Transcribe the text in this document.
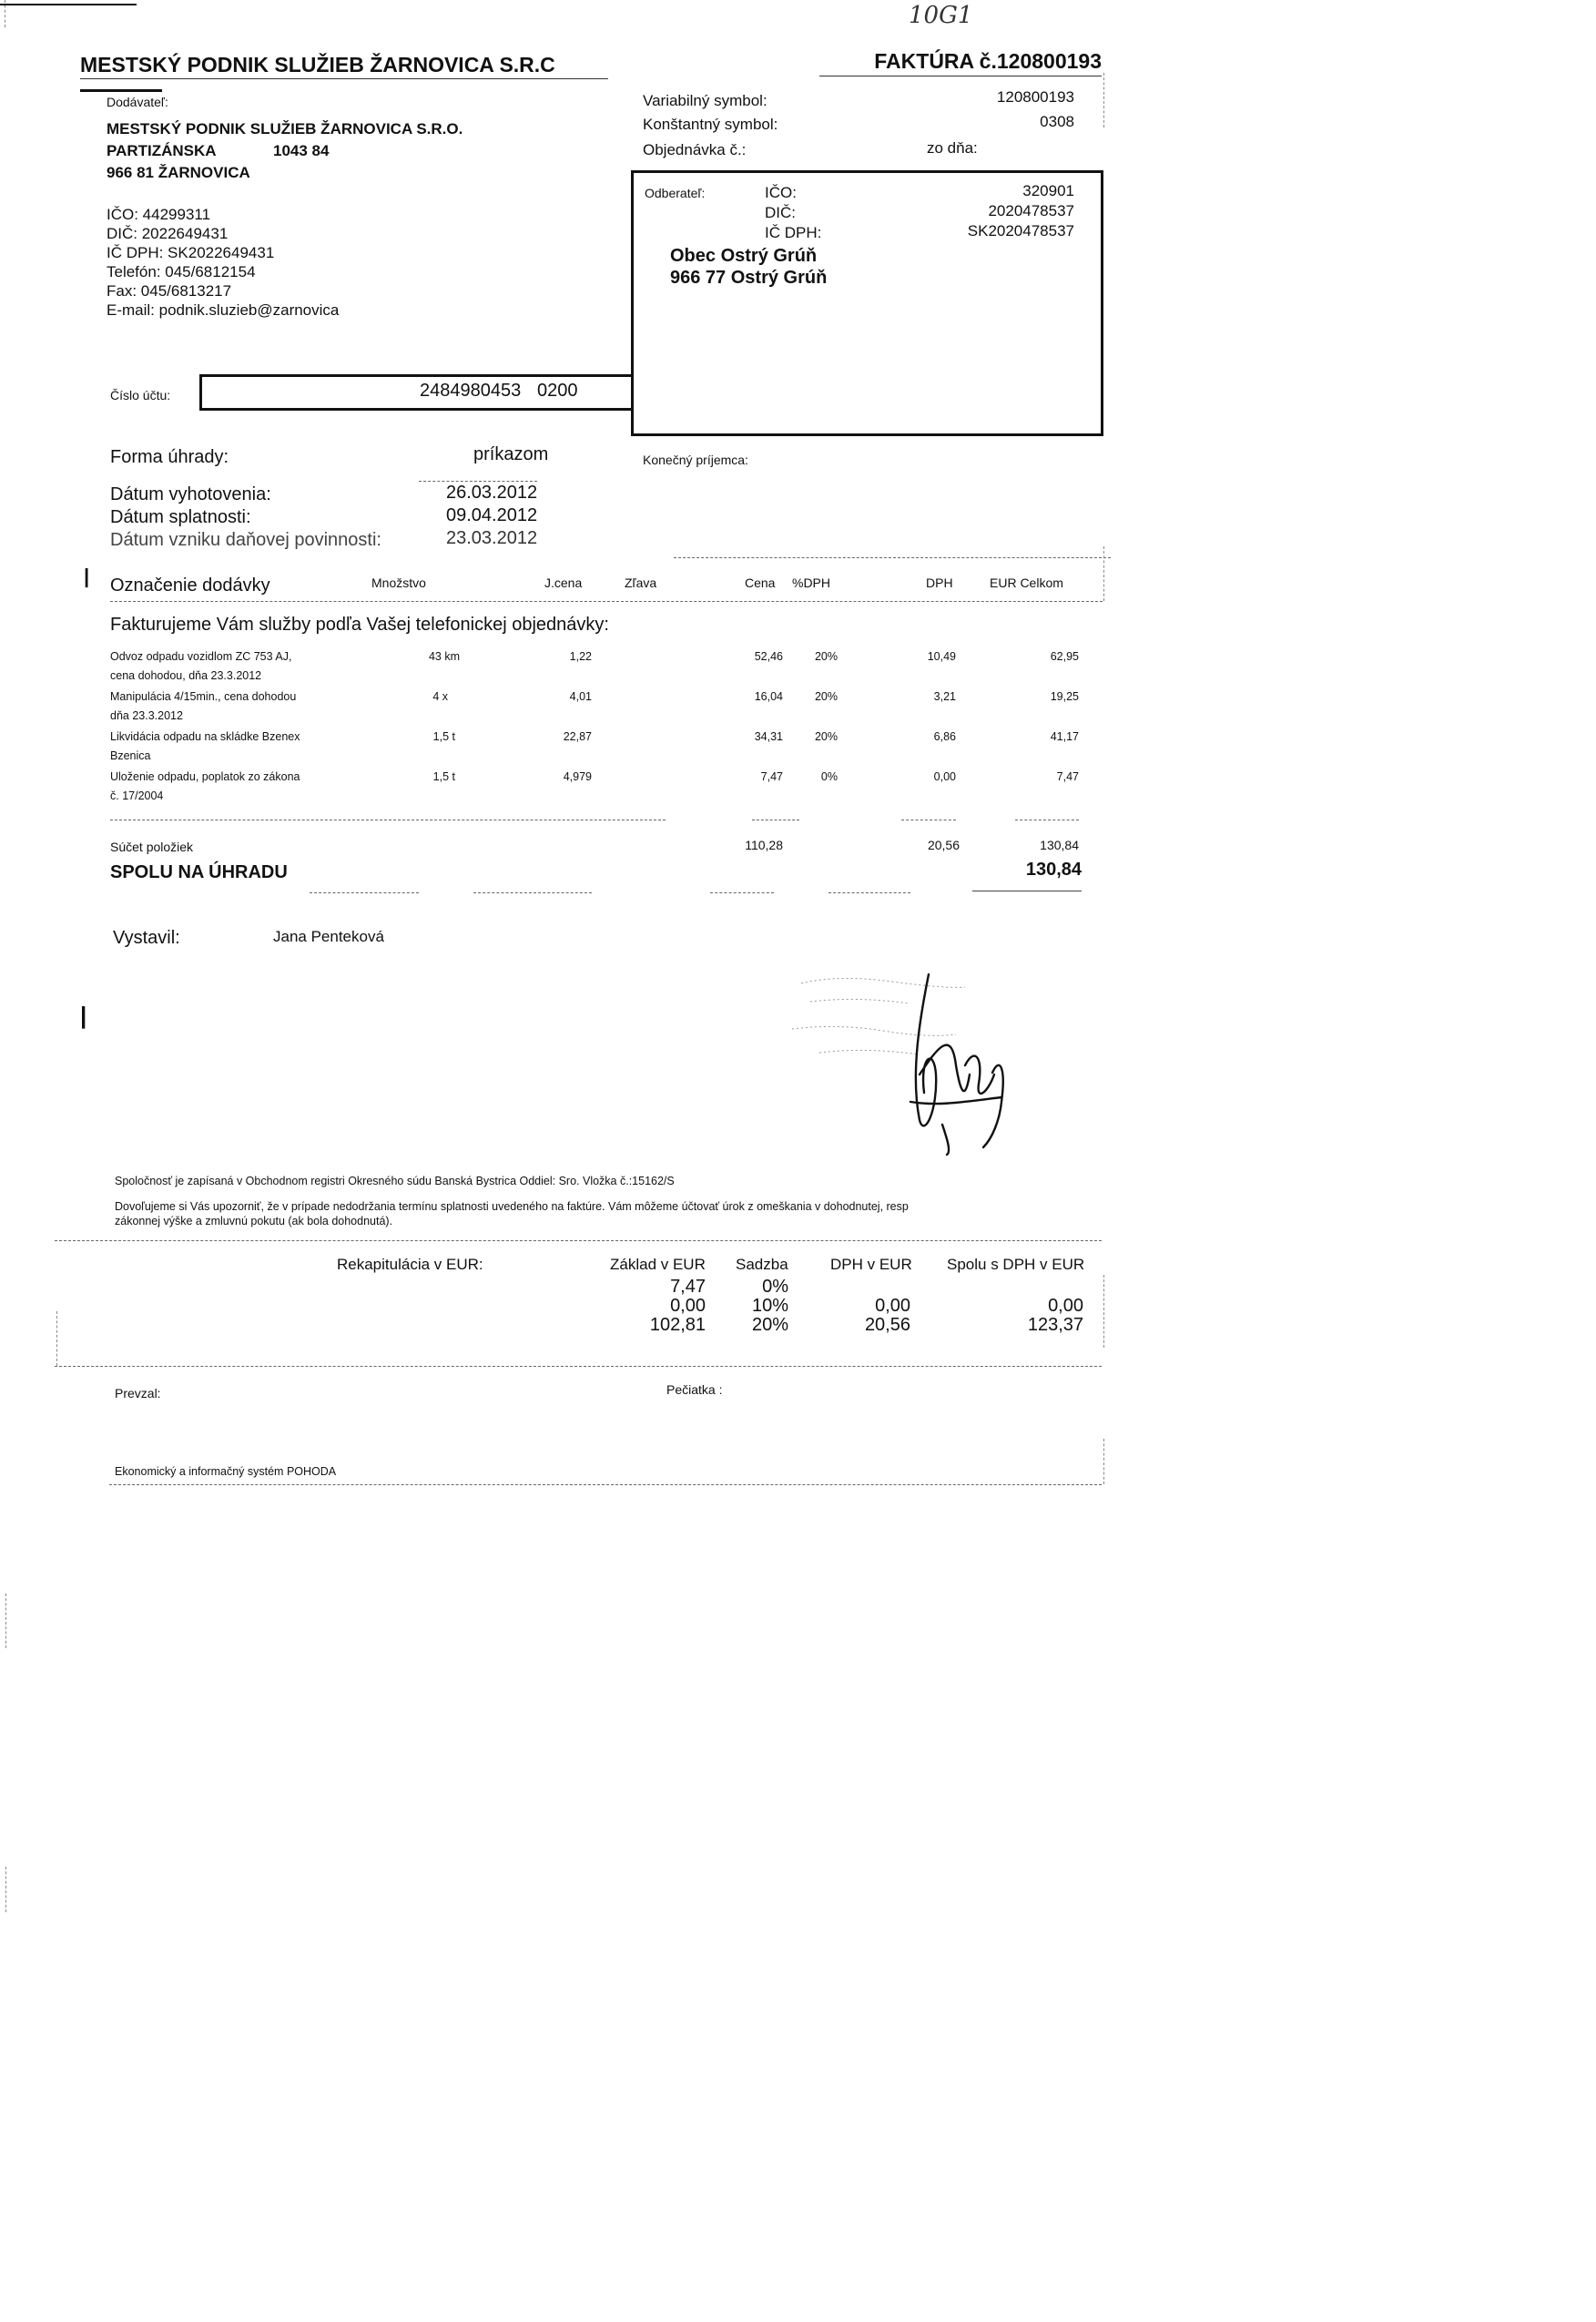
10G1
MESTSKÝ PODNIK SLUŽIEB ŽARNOVICA S.R.C	FAKTÚRA č.120800193
Dodávateľ:
MESTSKÝ PODNIK SLUŽIEB ŽARNOVICA S.R.O.
PARTIZÁNSKA	1043 84
966 81 ŽARNOVICA
IČO: 44299311
DIČ: 2022649431
IČ DPH: SK2022649431
Telefón: 045/6812154
Fax: 045/6813217
E-mail: podnik.sluzieb@zarnovica
Variabilný symbol:	120800193
Konštantný symbol:	0308
Objednávka č.:	zo dňa:
Odberateľ:	IČO:	320901
DIČ:	2020478537
IČ DPH:	SK2020478537
Obec Ostrý Grúň
966 77 Ostrý Grúň
Číslo účtu:	2484980453 0200
Forma úhrady:	príkazom	Konečný príjemca:
Dátum vyhotovenia:	26.03.2012
Dátum splatnosti:	09.04.2012
Dátum vzniku daňovej povinnosti:	23.03.2012
| Označenie dodávky	Množstvo	J.cena	Zľava	Cena %DPH	DPH	EUR Celkom
Fakturujeme Vám služby podľa Vašej telefonickej objednávky:
Odvoz odpadu vozidlom ZC 753 AJ,
cena dohodou, dňa 23.3.2012
43 km	1,22	52,46	20%	10,49	62,95
Manipulácia 4/15min., cena dohodou
dňa 23.3.2012
4 x	4,01	16,04	20%	3,21	19,25
Likvidácia odpadu na skládke Bzenex
Bzenica
1,5 t	22,87	34,31	20%	6,86	41,17
Uloženie odpadu, poplatok zo zákona
č. 17/2004
1,5 t	4,979	7,47	0%	0,00	7,47
Súčet položiek	110,28	20,56	130,84
SPOLU NA ÚHRADU	130,84
Vystavil:	Jana Penteková
|
Spoločnosť je zapísaná v Obchodnom registri Okresného súdu Banská Bystrica Oddiel: Sro. Vložka č.:15162/S
Dovoľujeme si Vás upozorniť, že v prípade nedodržania termínu splatnosti uvedeného na faktúre. Vám môžeme účtovať úrok z omeškania v dohodnutej, resp
zákonnej výške a zmluvnú pokutu (ak bola dohodnutá).
Rekapitulácia v EUR:	Základ v EUR Sadzba	DPH v EUR Spolu s DPH v EUR
7,47	0%
0,00	10%	0,00	0,00
102,81	20%	20,56	123,37
Prevzal:	Pečiatka :
Ekonomický a informačný systém POHODA
